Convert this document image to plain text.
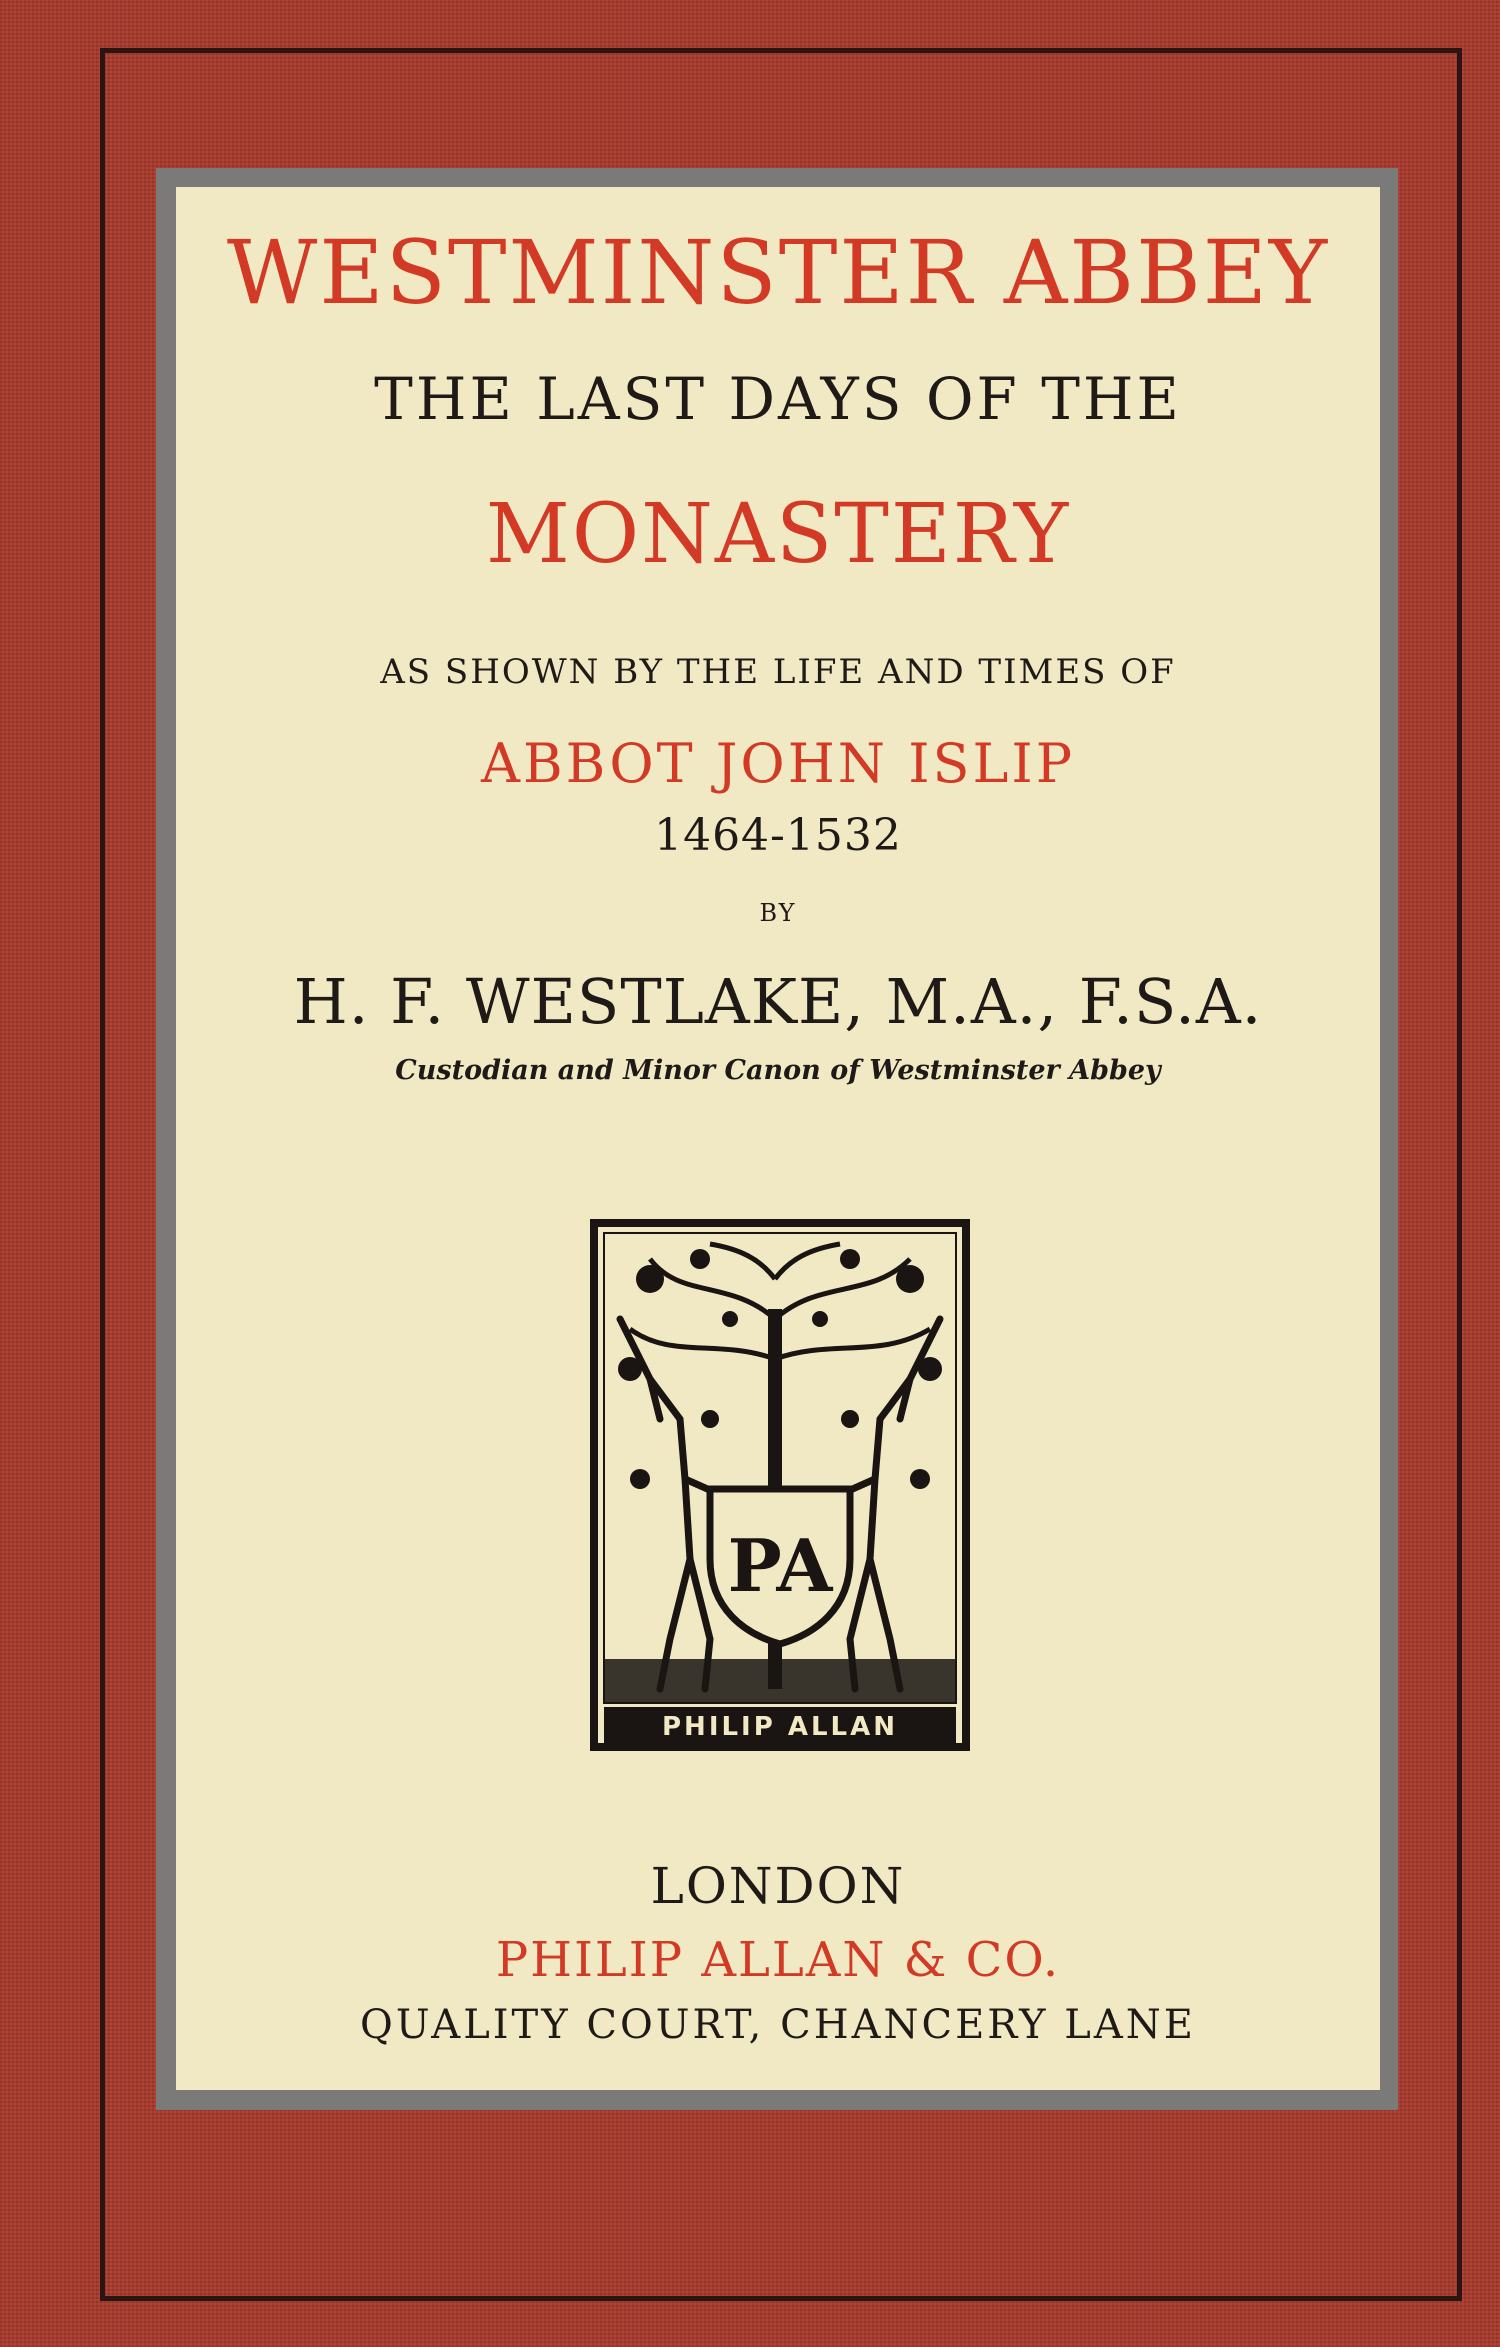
WESTMINSTER ABBEY
THE LAST DAYS OF THE
MONASTERY
AS SHOWN BY THE LIFE AND TIMES OF
ABBOT JOHN ISLIP
1464-1532
BY
H. F. WESTLAKE, M.A., F.S.A.
Custodian and Minor Canon of Westminster Abbey
PA
PHILIP ALLAN
LONDON
PHILIP ALLAN & CO.
QUALITY COURT, CHANCERY LANE
